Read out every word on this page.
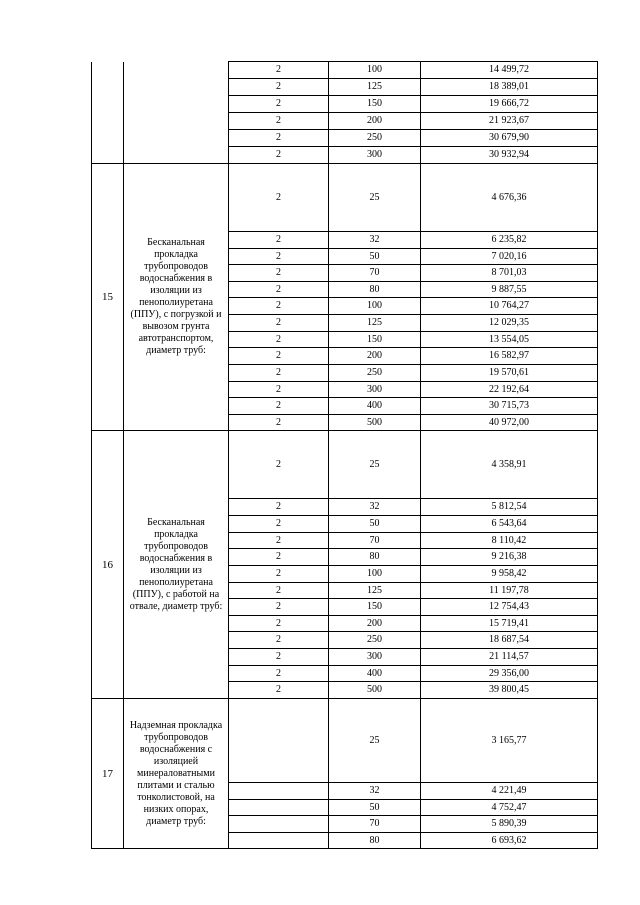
		2	100	14 499,72
		2	125	18 389,01
		2	150	19 666,72
		2	200	21 923,67
		2	250	30 679,90
		2	300	30 932,94
15	Бесканальная прокладка трубопроводов водоснабжения в изоляции из пенополиуретана (ППУ), с погрузкой и вывозом грунта автотранспортом, диаметр труб:	2	25	4 676,36
		2	32	6 235,82
		2	50	7 020,16
		2	70	8 701,03
		2	80	9 887,55
		2	100	10 764,27
		2	125	12 029,35
		2	150	13 554,05
		2	200	16 582,97
		2	250	19 570,61
		2	300	22 192,64
		2	400	30 715,73
		2	500	40 972,00
16	Бесканальная прокладка трубопроводов водоснабжения в изоляции из пенополиуретана (ППУ), с работой на отвале, диаметр труб:	2	25	4 358,91
		2	32	5 812,54
		2	50	6 543,64
		2	70	8 110,42
		2	80	9 216,38
		2	100	9 958,42
		2	125	11 197,78
		2	150	12 754,43
		2	200	15 719,41
		2	250	18 687,54
		2	300	21 114,57
		2	400	29 356,00
		2	500	39 800,45
17	Надземная прокладка трубопроводов водоснабжения с изоляцией минераловатными плитами и сталью тонколистовой, на низких опорах, диаметр труб:		25	3 165,77
			32	4 221,49
			50	4 752,47
			70	5 890,39
			80	6 693,62
